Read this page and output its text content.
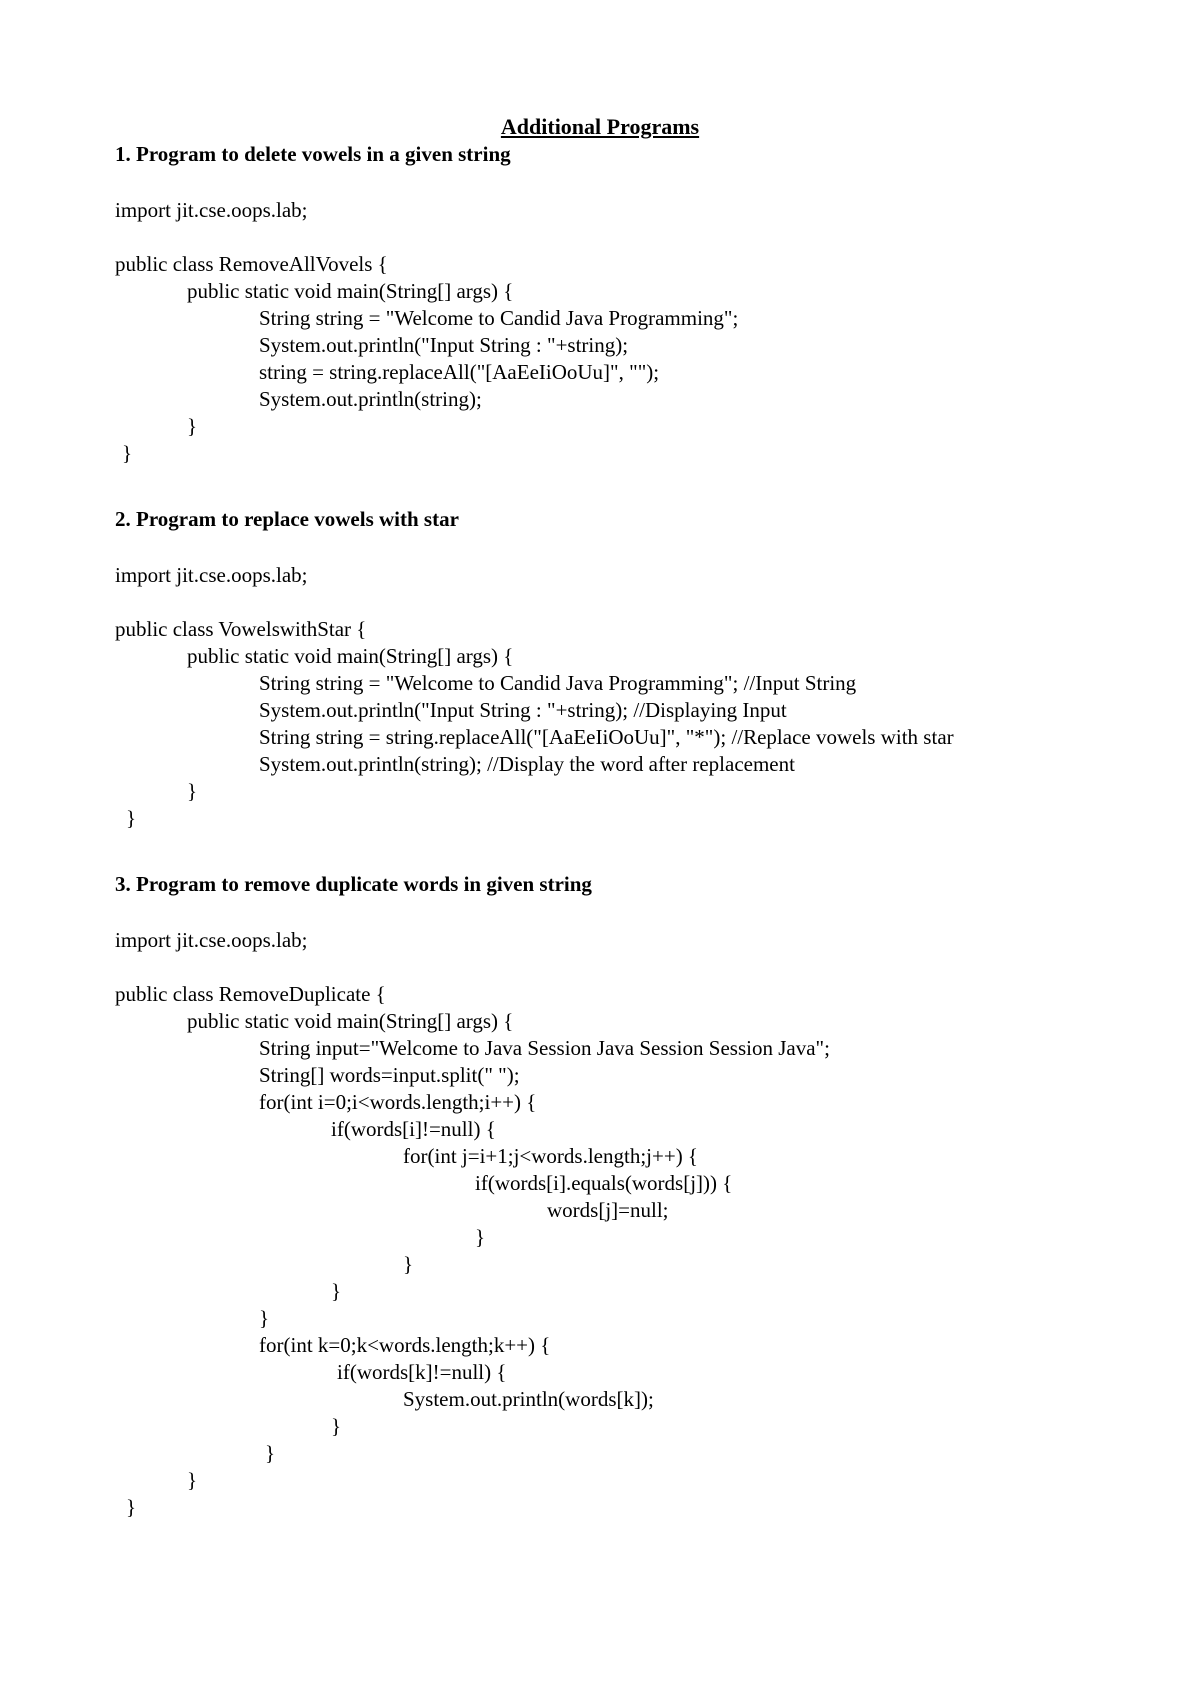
Additional Programs
1. Program to delete vowels in a given string
import jit.cse.oops.lab;
public class RemoveAllVovels {
public static void main(String[] args) {
String string = "Welcome to Candid Java Programming";
System.out.println("Input String : "+string);
string = string.replaceAll("[AaEeIiOoUu]", "");
System.out.println(string);
}
}
2. Program to replace vowels with star
import jit.cse.oops.lab;
public class VowelswithStar {
public static void main(String[] args) {
String string = "Welcome to Candid Java Programming"; //Input String
System.out.println("Input String : "+string); //Displaying Input
String string = string.replaceAll("[AaEeIiOoUu]", "*"); //Replace vowels with star
System.out.println(string); //Display the word after replacement
}
}
3. Program to remove duplicate words in given string
import jit.cse.oops.lab;
public class RemoveDuplicate {
public static void main(String[] args) {
String input="Welcome to Java Session Java Session Session Java";
String[] words=input.split(" ");
for(int i=0;i<words.length;i++) {
if(words[i]!=null) {
for(int j=i+1;j<words.length;j++) {
if(words[i].equals(words[j])) {
words[j]=null;
}
}
}
}
for(int k=0;k<words.length;k++) {
if(words[k]!=null) {
System.out.println(words[k]);
}
}
}
}
